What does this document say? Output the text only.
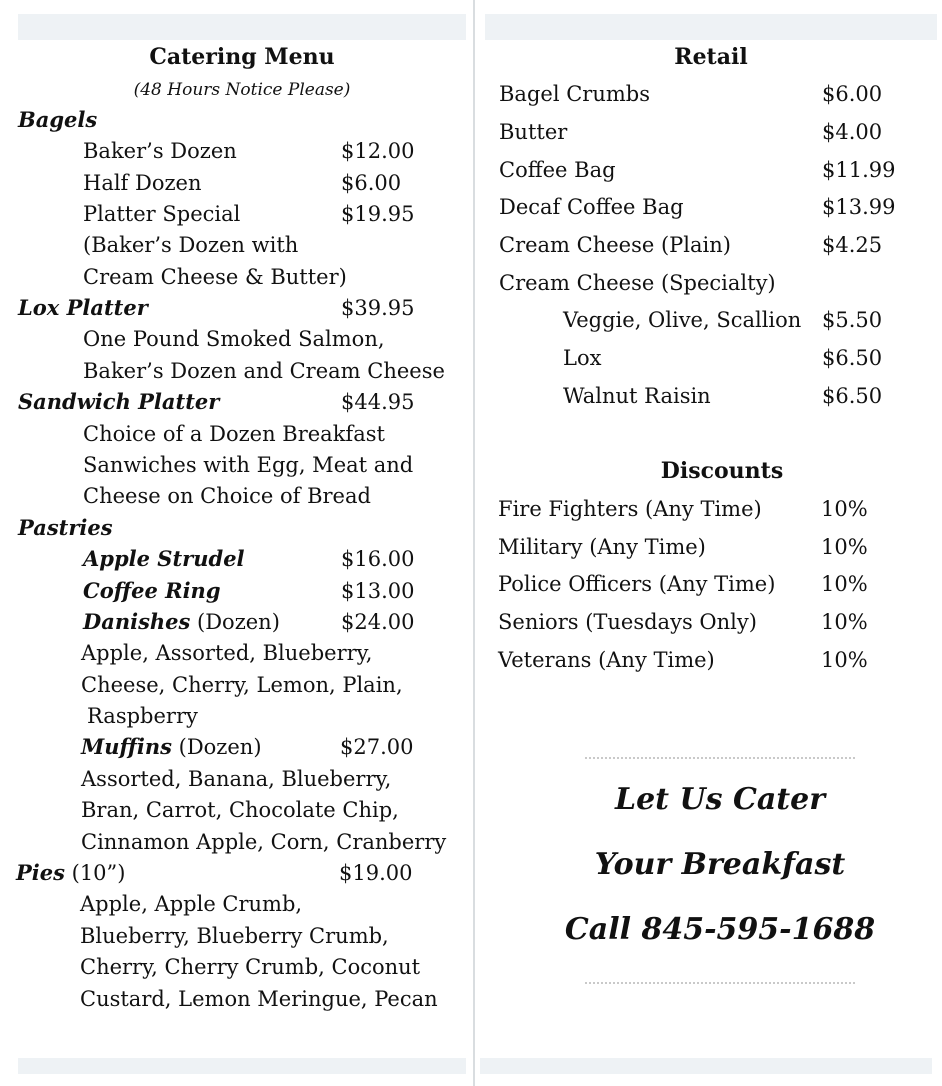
Catering Menu
(48 Hours Notice Please)
Bagels
Baker’s Dozen	$12.00
Half Dozen	$6.00
Platter Special	$19.95
(Baker’s Dozen with
Cream Cheese & Butter)
Lox Platter	$39.95
One Pound Smoked Salmon,
Baker’s Dozen and Cream Cheese
Sandwich Platter	$44.95
Choice of a Dozen Breakfast
Sanwiches with Egg, Meat and
Cheese on Choice of Bread
Pastries
Apple Strudel	$16.00
Coffee Ring	$13.00
Danishes (Dozen)	$24.00
Apple, Assorted, Blueberry,
Cheese, Cherry, Lemon, Plain,
Raspberry
Muffins (Dozen)	$27.00
Assorted, Banana, Blueberry,
Bran, Carrot, Chocolate Chip,
Cinnamon Apple, Corn, Cranberry
Pies (10”)	$19.00
Apple, Apple Crumb,
Blueberry, Blueberry Crumb,
Cherry, Cherry Crumb, Coconut
Custard, Lemon Meringue, Pecan
Retail
Bagel Crumbs	$6.00
Butter	$4.00
Coffee Bag	$11.99
Decaf Coffee Bag	$13.99
Cream Cheese (Plain)	$4.25
Cream Cheese (Specialty)
Veggie, Olive, Scallion $5.50
Lox	$6.50
Walnut Raisin	$6.50
Discounts
Fire Fighters (Any Time)	10%
Military (Any Time)	10%
Police Officers (Any Time) 10%
Seniors (Tuesdays Only)	10%
Veterans (Any Time)	10%
Let Us Cater
Your Breakfast
Call 845-595-1688
